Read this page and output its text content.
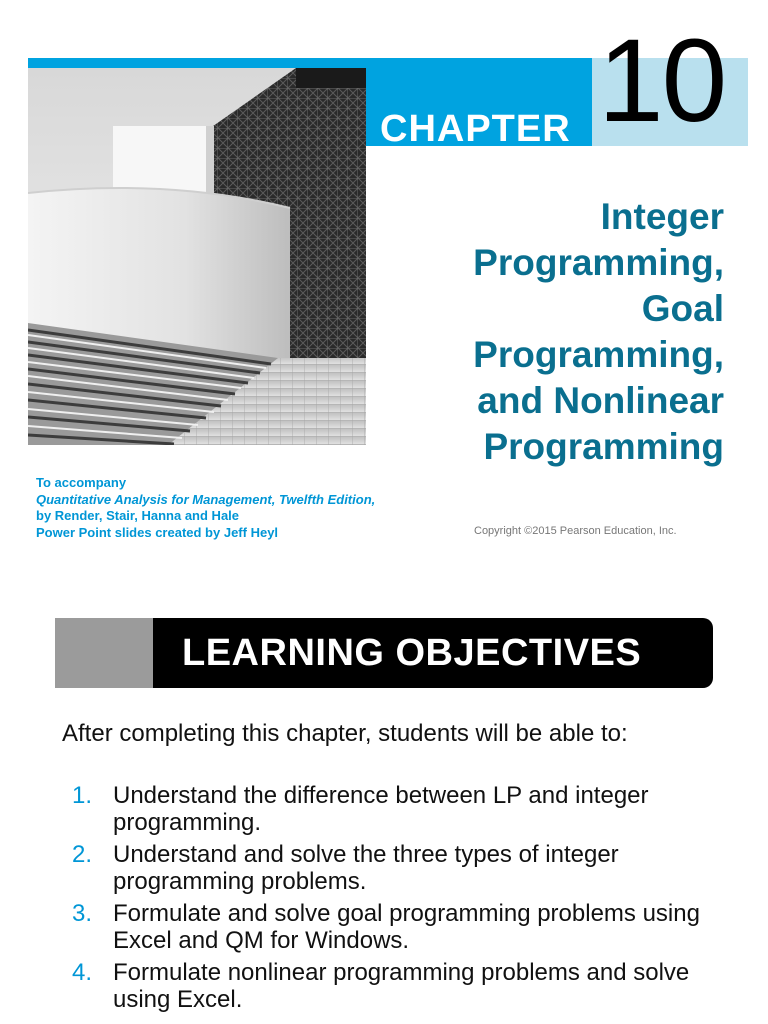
CHAPTER 10
Integer
Programming,
Goal
Programming,
and Nonlinear
Programming
To accompany
Quantitative Analysis for Management, Twelfth Edition,
by Render, Stair, Hanna and Hale
Power Point slides created by Jeff Heyl	Copyright ©2015 Pearson Education, Inc.
LEARNING OBJECTIVES
After completing this chapter, students will be able to:
1. Understand the difference between LP and integer programming.
2. Understand and solve the three types of integer programming problems.
3. Formulate and solve goal programming problems using Excel and QM for Windows.
4. Formulate nonlinear programming problems and solve using Excel.
